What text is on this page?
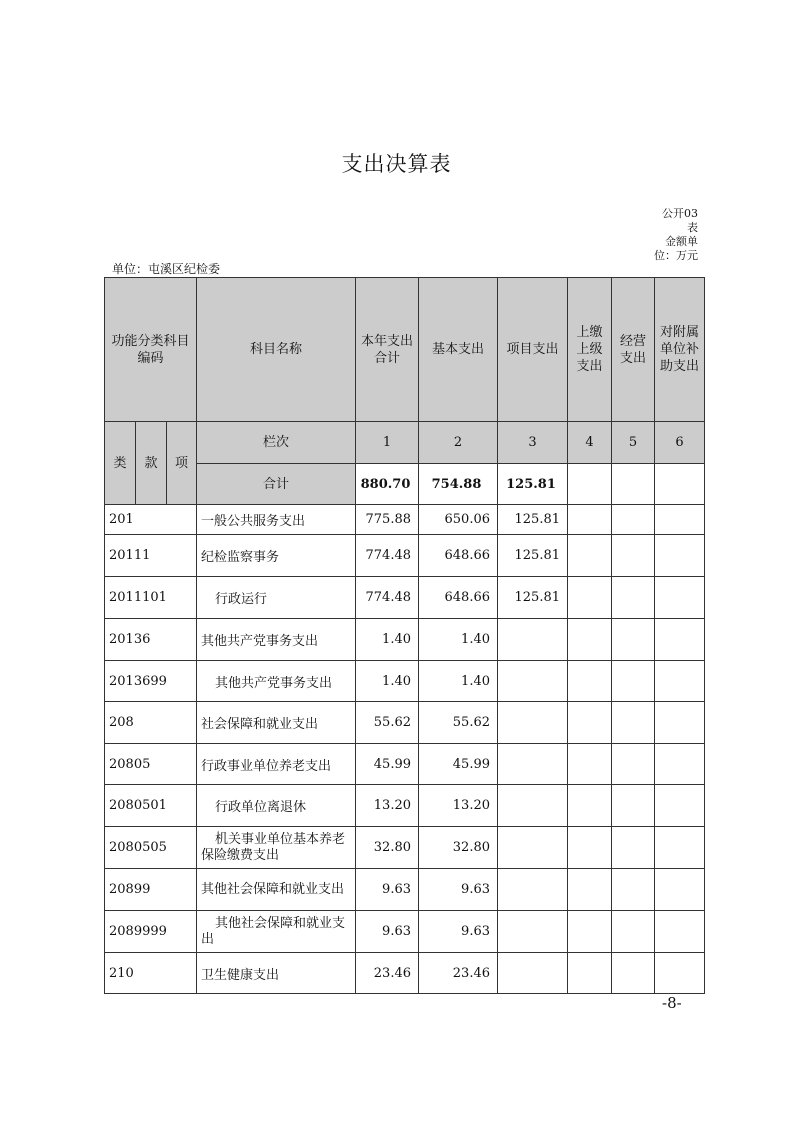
支出决算表
公开03表
金额单位：万元
单位：屯溪区纪检委
功能分类科目编码			科目名称	本年支出合计	基本支出	项目支出	上缴上级支出	经营支出	对附属单位补助支出
类	款	项	栏次	1	2	3	4	5	6
			合计	880.70	754.88	125.81			
201			一般公共服务支出	775.88	650.06	125.81			
20111			纪检监察事务	774.48	648.66	125.81			
2011101			行政运行	774.48	648.66	125.81			
20136			其他共产党事务支出	1.40	1.40				
2013699			其他共产党事务支出	1.40	1.40				
208			社会保障和就业支出	55.62	55.62				
20805			行政事业单位养老支出	45.99	45.99				
2080501			行政单位离退休	13.20	13.20				
2080505			机关事业单位基本养老保险缴费支出	32.80	32.80				
20899			其他社会保障和就业支出	9.63	9.63				
2089999			其他社会保障和就业支出	9.63	9.63				
210			卫生健康支出	23.46	23.46				
-8-
